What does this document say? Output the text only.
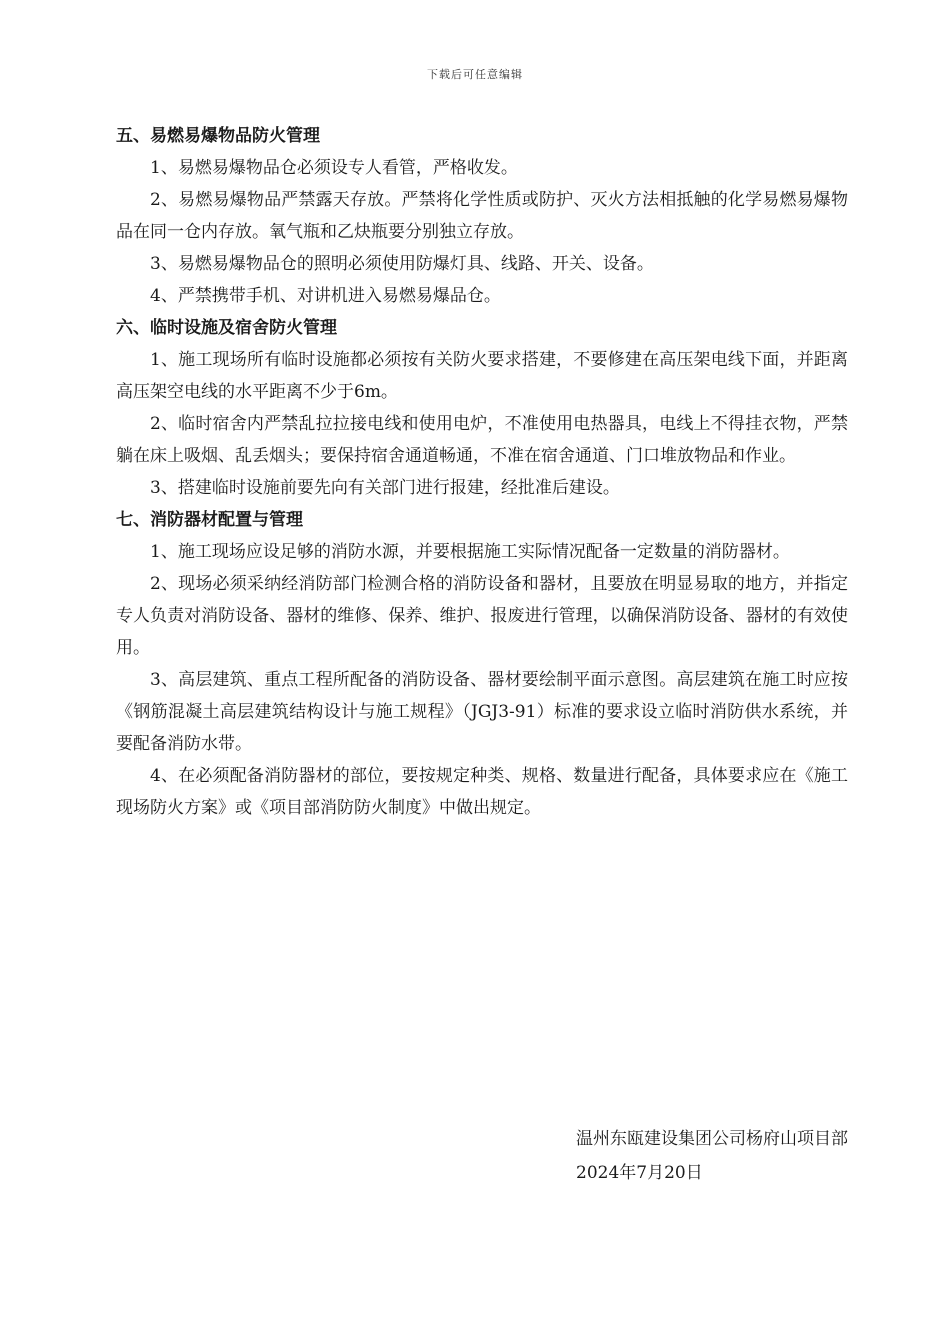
下载后可任意编辑

五、易燃易爆物品防火管理

1、易燃易爆物品仓必须设专人看管，严格收发。

2、易燃易爆物品严禁露天存放。严禁将化学性质或防护、灭火方法相抵触的化学易燃易爆物品在同一仓内存放。氧气瓶和乙炔瓶要分别独立存放。

3、易燃易爆物品仓的照明必须使用防爆灯具、线路、开关、设备。

4、严禁携带手机、对讲机进入易燃易爆品仓。

六、临时设施及宿舍防火管理

1、施工现场所有临时设施都必须按有关防火要求搭建，不要修建在高压架电线下面，并距离高压架空电线的水平距离不少于6m。

2、临时宿舍内严禁乱拉拉接电线和使用电炉，不准使用电热器具，电线上不得挂衣物，严禁躺在床上吸烟、乱丢烟头；要保持宿舍通道畅通，不准在宿舍通道、门口堆放物品和作业。

3、搭建临时设施前要先向有关部门进行报建，经批准后建设。

七、消防器材配置与管理

1、施工现场应设足够的消防水源，并要根据施工实际情况配备一定数量的消防器材。

2、现场必须采纳经消防部门检测合格的消防设备和器材，且要放在明显易取的地方，并指定专人负责对消防设备、器材的维修、保养、维护、报废进行管理，以确保消防设备、器材的有效使用。

3、高层建筑、重点工程所配备的消防设备、器材要绘制平面示意图。高层建筑在施工时应按《钢筋混凝土高层建筑结构设计与施工规程》（JGJ3-91）标准的要求设立临时消防供水系统，并要配备消防水带。

4、在必须配备消防器材的部位，要按规定种类、规格、数量进行配备，具体要求应在《施工现场防火方案》或《项目部消防防火制度》中做出规定。

温州东瓯建设集团公司杨府山项目部
2024年7月20日
